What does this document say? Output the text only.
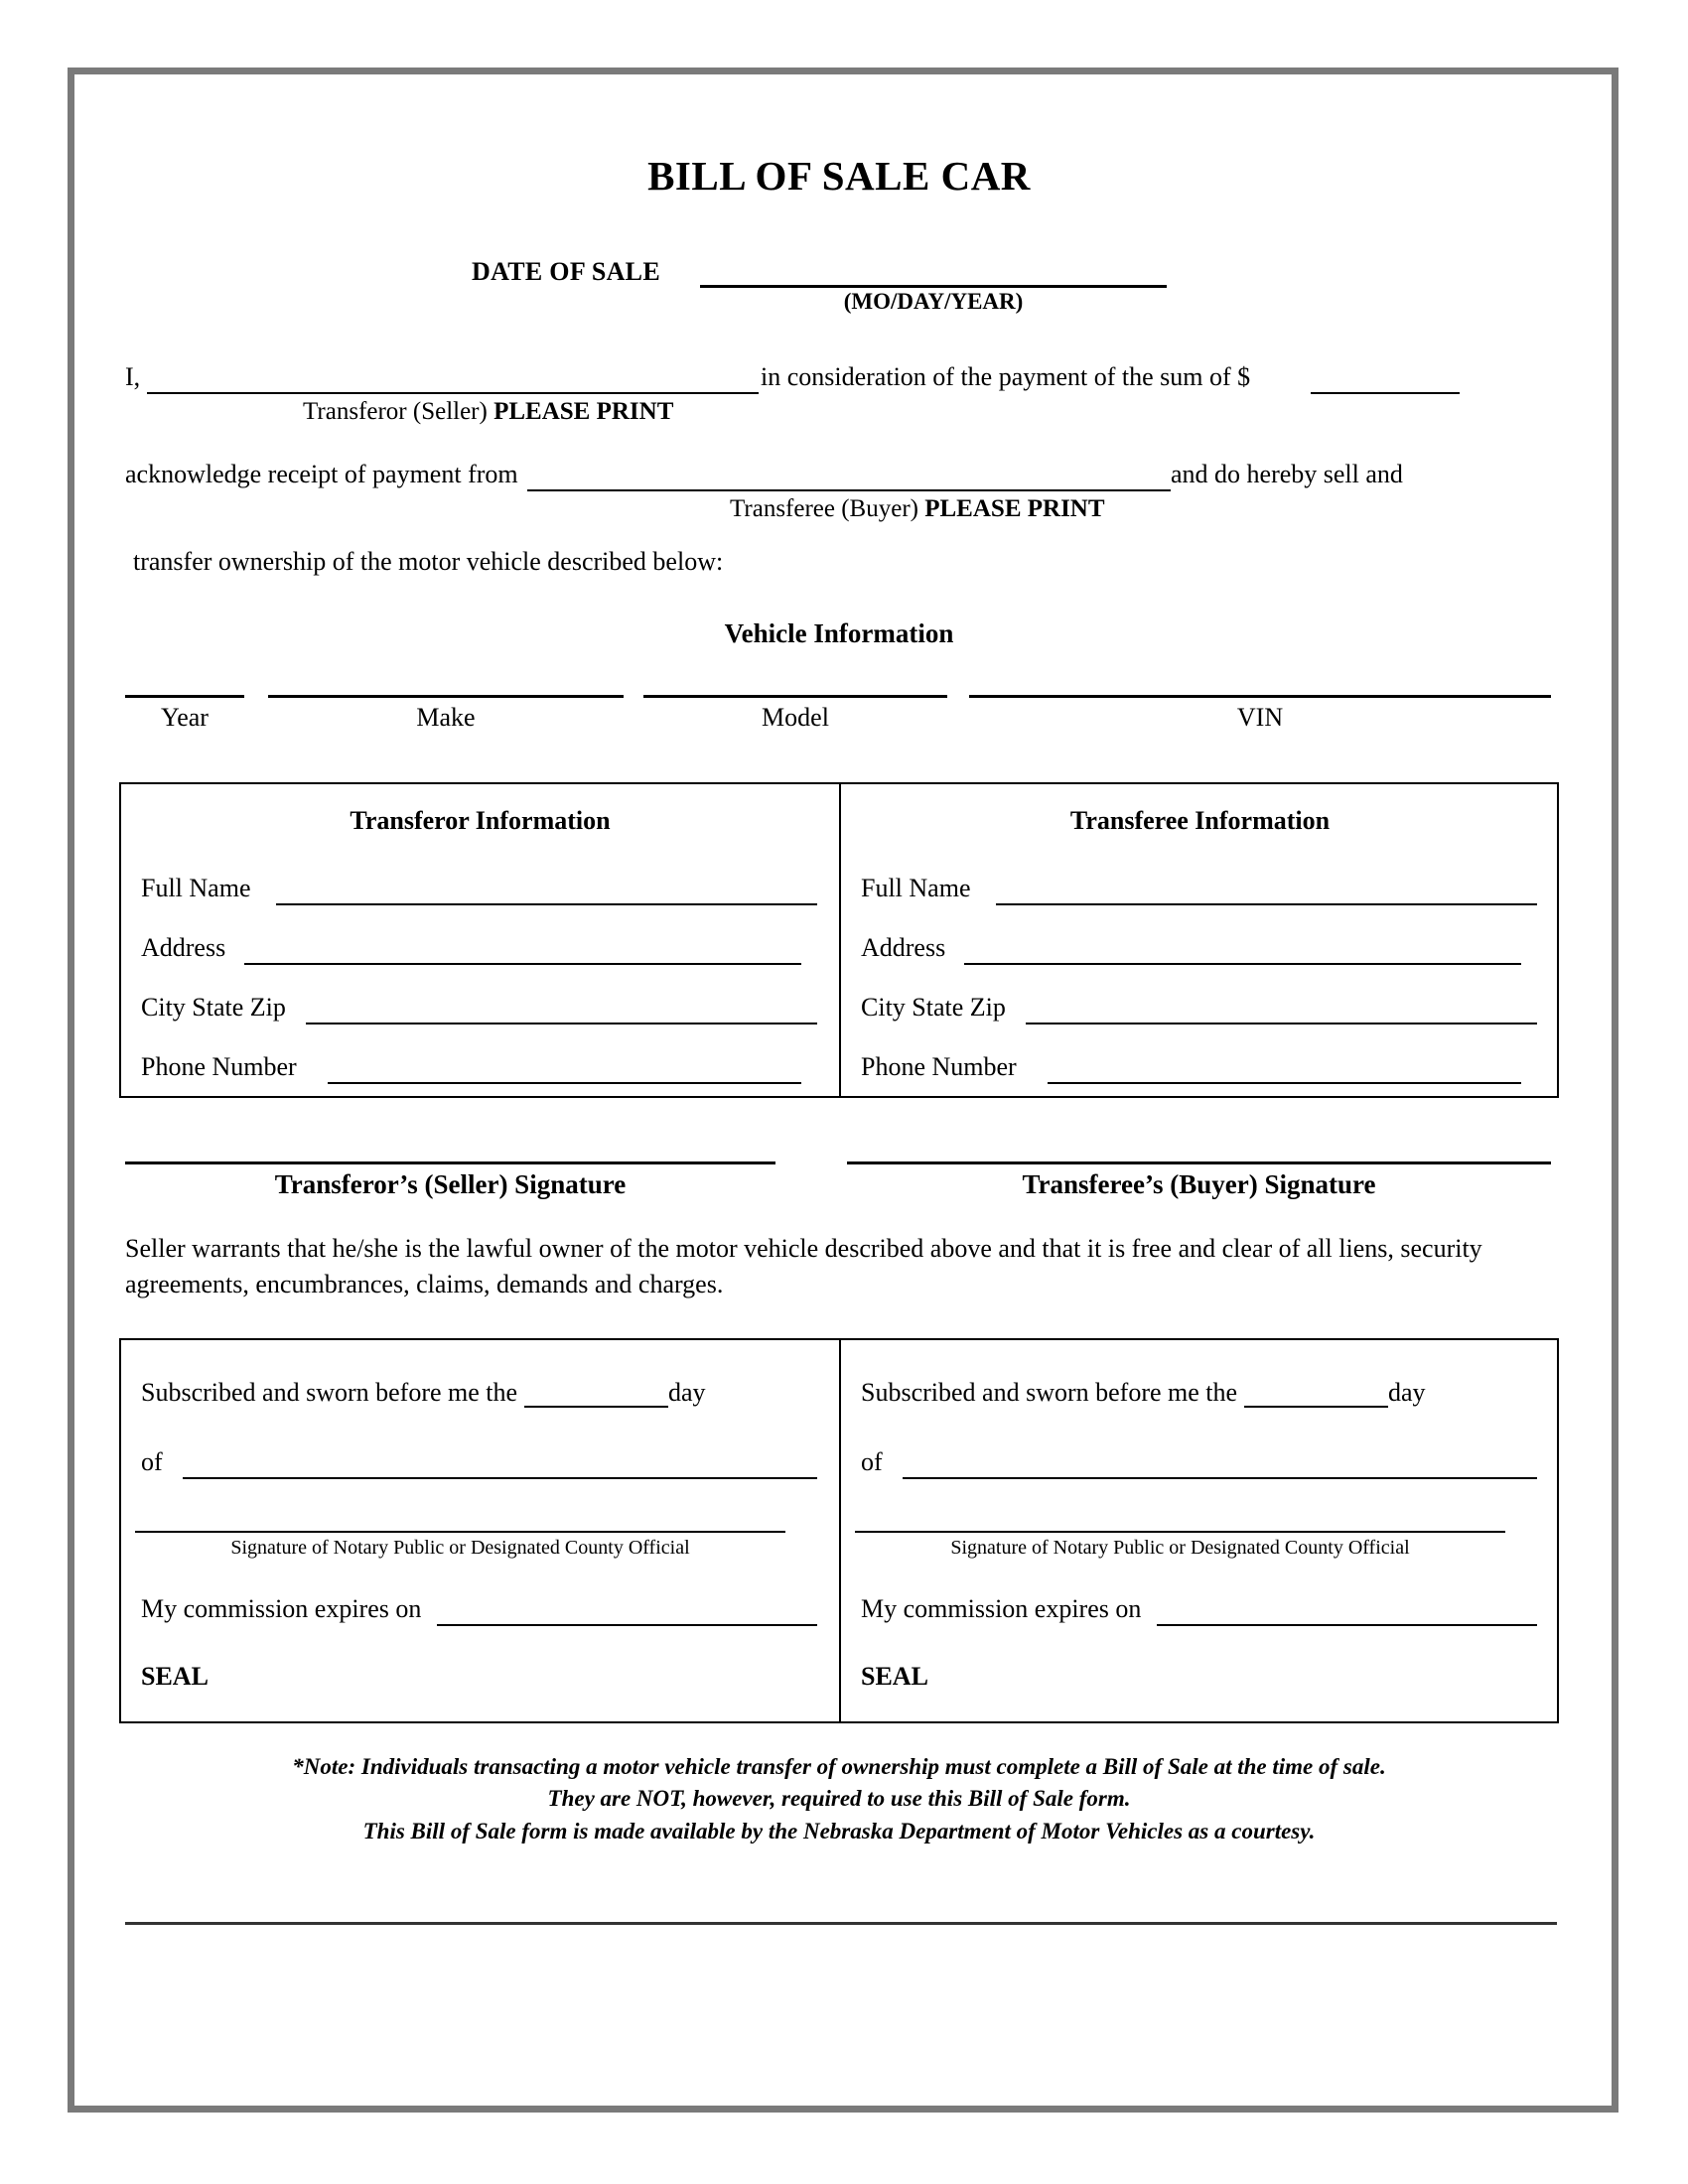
BILL OF SALE CAR
DATE OF SALE
(MO/DAY/YEAR)
I,	in consideration of the payment of the sum of $
Transferor (Seller) PLEASE PRINT
acknowledge receipt of payment from	and do hereby sell and
Transferee (Buyer) PLEASE PRINT
transfer ownership of the motor vehicle described below:
Vehicle Information
Year	Make	Model	VIN
Transferor Information
Full Name
Address
City State Zip
Phone Number
Transferee Information
Full Name
Address
City State Zip
Phone Number
Transferor’s (Seller) Signature	Transferee’s (Buyer) Signature
Seller warrants that he/she is the lawful owner of the motor vehicle described above and that it is free and clear of all liens, security agreements, encumbrances, claims, demands and charges.
Subscribed and sworn before me the	day
of
Signature of Notary Public or Designated County Official
My commission expires on
SEAL
Subscribed and sworn before me the	day
of
Signature of Notary Public or Designated County Official
My commission expires on
SEAL
*Note: Individuals transacting a motor vehicle transfer of ownership must complete a Bill of Sale at the time of sale.
They are NOT, however, required to use this Bill of Sale form.
This Bill of Sale form is made available by the Nebraska Department of Motor Vehicles as a courtesy.
